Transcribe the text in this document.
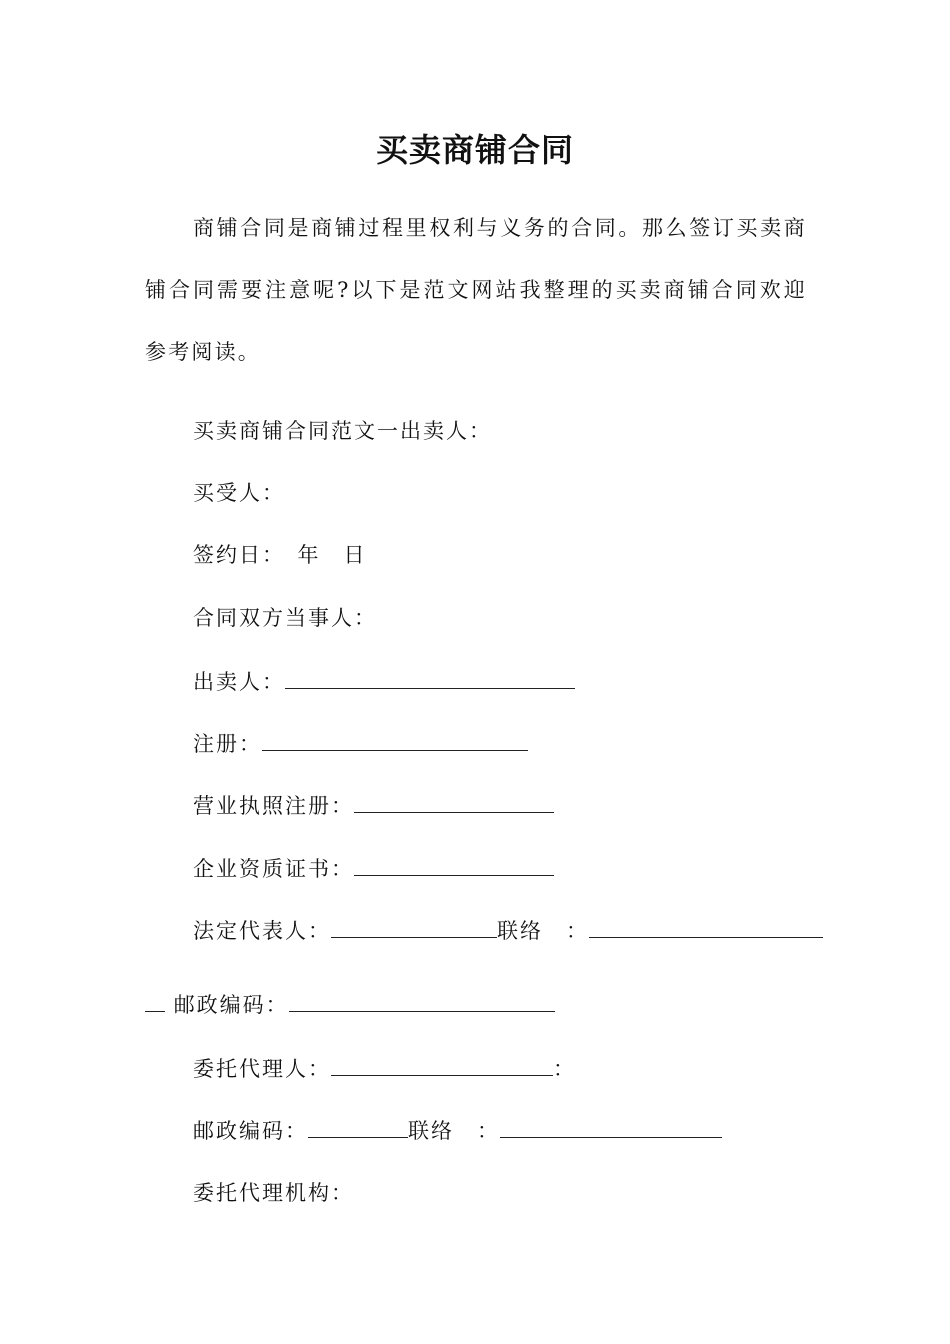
买卖商铺合同
商铺合同是商铺过程里权利与义务的合同。那么签订买卖商铺合同需要注意呢?以下是范文网站我整理的买卖商铺合同欢迎参考阅读。
买卖商铺合同范文一出卖人：
买受人：
签约日：　年　日
合同双方当事人：
出卖人：
注册：
营业执照注册：
企业资质证书：
法定代表人：	联络　：
邮政编码：
委托代理人：	：
邮政编码：	联络　：
委托代理机构：
